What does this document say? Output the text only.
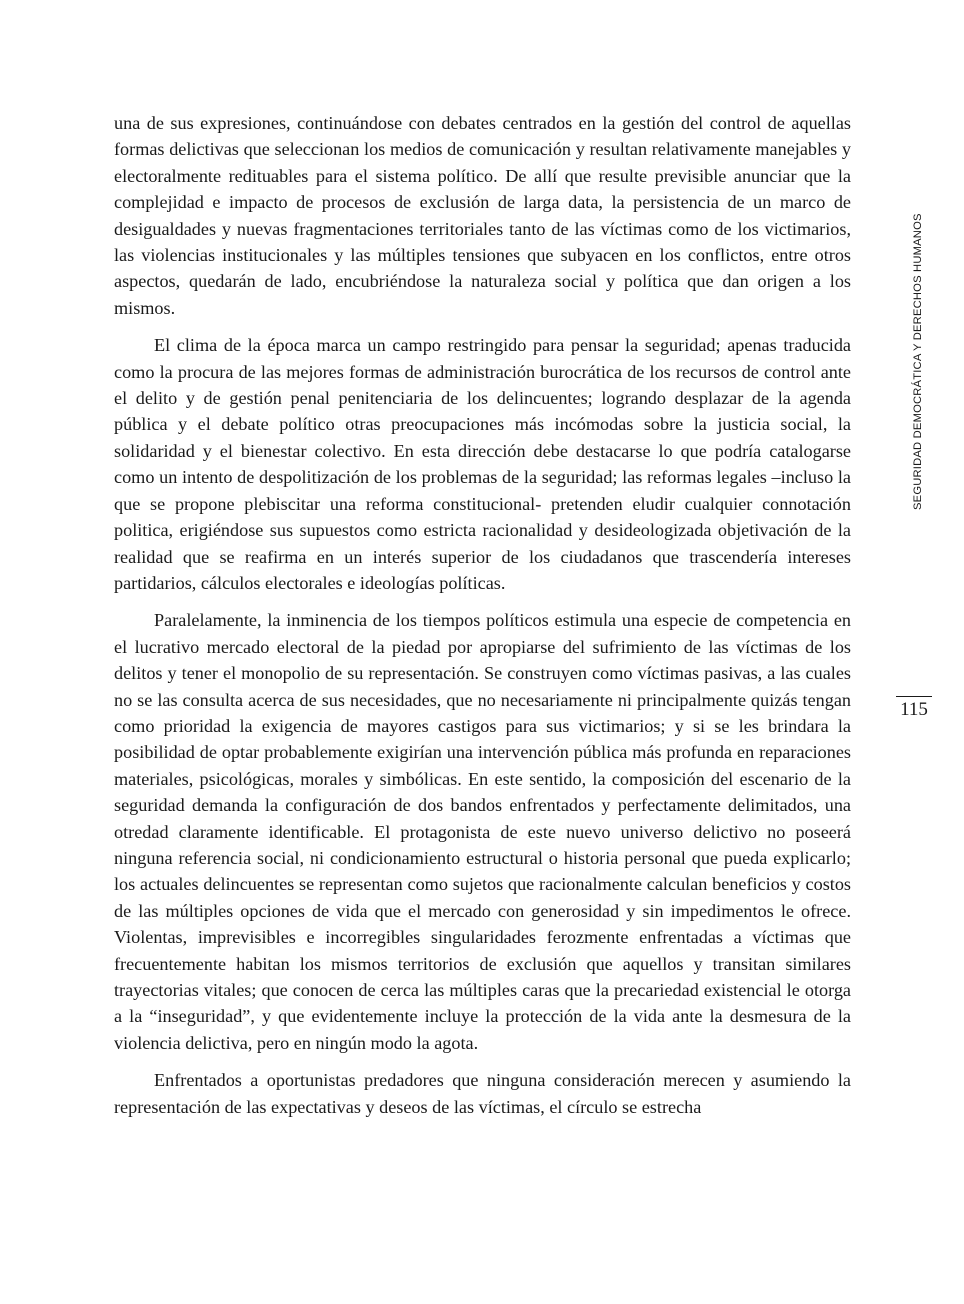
una de sus expresiones, continuándose con debates centrados en la gestión del control de aquellas formas delictivas que seleccionan los medios de comunicación y resultan relativamente manejables y electoralmente redituables para el sistema político. De allí que resulte previsible anunciar que la complejidad e impacto de procesos de exclusión de larga data, la persistencia de un marco de desigualdades y nuevas fragmentaciones territoriales tanto de las víctimas como de los victimarios, las violencias institucionales y las múltiples tensiones que subyacen en los conflictos, entre otros aspectos, quedarán de lado, encubriéndose la naturaleza social y política que dan origen a los mismos.

El clima de la época marca un campo restringido para pensar la seguridad; apenas traducida como la procura de las mejores formas de administración burocrática de los recursos de control ante el delito y de gestión penal penitenciaria de los delincuentes; logrando desplazar de la agenda pública y el debate político otras preocupaciones más incómodas sobre la justicia social, la solidaridad y el bienestar colectivo. En esta dirección debe destacarse lo que podría catalogarse como un intento de despolitización de los problemas de la seguridad; las reformas legales –incluso la que se propone plebiscitar una reforma constitucional- pretenden eludir cualquier connotación politica, erigiéndose sus supuestos como estricta racionalidad y desideologizada objetivación de la realidad que se reafirma en un interés superior de los ciudadanos que trascendería intereses partidarios, cálculos electorales e ideologías políticas.

Paralelamente, la inminencia de los tiempos políticos estimula una especie de competencia en el lucrativo mercado electoral de la piedad por apropiarse del sufrimiento de las víctimas de los delitos y tener el monopolio de su representación. Se construyen como víctimas pasivas, a las cuales no se las consulta acerca de sus necesidades, que no necesariamente ni principalmente quizás tengan como prioridad la exigencia de mayores castigos para sus victimarios; y si se les brindara la posibilidad de optar probablemente exigirían una intervención pública más profunda en reparaciones materiales, psicológicas, morales y simbólicas. En este sentido, la composición del escenario de la seguridad demanda la configuración de dos bandos enfrentados y perfectamente delimitados, una otredad claramente identificable. El protagonista de este nuevo universo delictivo no poseerá ninguna referencia social, ni condicionamiento estructural o historia personal que pueda explicarlo; los actuales delincuentes se representan como sujetos que racionalmente calculan beneficios y costos de las múltiples opciones de vida que el mercado con generosidad y sin impedimentos le ofrece. Violentas, imprevisibles e incorregibles singularidades ferozmente enfrentadas a víctimas que frecuentemente habitan los mismos territorios de exclusión que aquellos y transitan similares trayectorias vitales; que conocen de cerca las múltiples caras que la precariedad existencial le otorga a la “inseguridad”, y que evidentemente incluye la protección de la vida ante la desmesura de la violencia delictiva, pero en ningún modo la agota.

Enfrentados a oportunistas predadores que ninguna consideración merecen y asumiendo la representación de las expectativas y deseos de las víctimas, el círculo se estrecha

SEGURIDAD DEMOCRÁTICA Y DERECHOS HUMANOS
115
